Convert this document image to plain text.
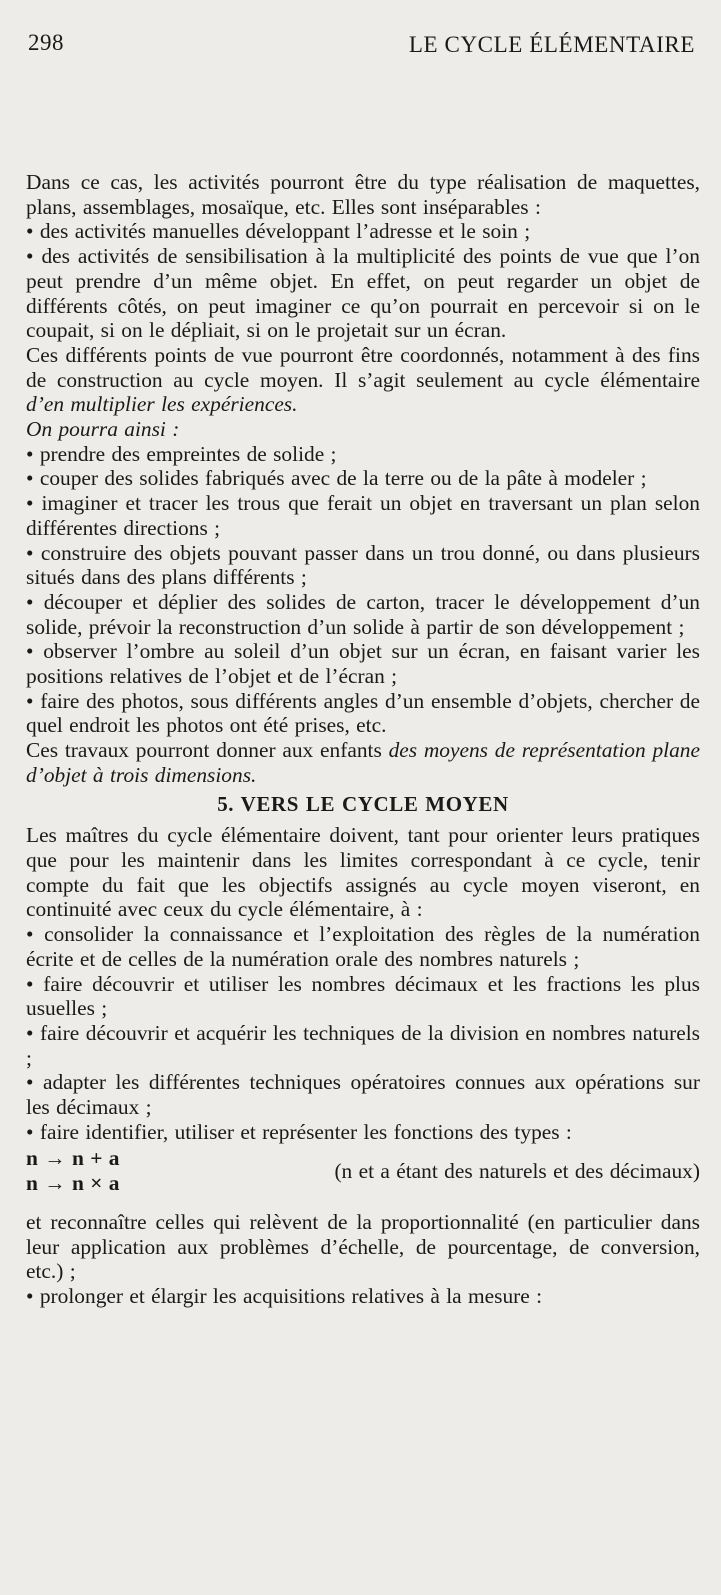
298	LE CYCLE ÉLÉMENTAIRE

Dans ce cas, les activités pourront être du type réalisation de maquettes, plans, assemblages, mosaïque, etc. Elles sont inséparables :

• des activités manuelles développant l’adresse et le soin ;

• des activités de sensibilisation à la multiplicité des points de vue que l’on peut prendre d’un même objet. En effet, on peut regarder un objet de différents côtés, on peut imaginer ce qu’on pourrait en percevoir si on le coupait, si on le dépliait, si on le projetait sur un écran.

Ces différents points de vue pourront être coordonnés, notamment à des fins de construction au cycle moyen. Il s’agit seulement au cycle élémentaire d’en multiplier les expériences.

On pourra ainsi :

• prendre des empreintes de solide ;

• couper des solides fabriqués avec de la terre ou de la pâte à modeler ;

• imaginer et tracer les trous que ferait un objet en traversant un plan selon différentes directions ;

• construire des objets pouvant passer dans un trou donné, ou dans plusieurs situés dans des plans différents ;

• découper et déplier des solides de carton, tracer le développement d’un solide, prévoir la reconstruction d’un solide à partir de son développement ;

• observer l’ombre au soleil d’un objet sur un écran, en faisant varier les positions relatives de l’objet et de l’écran ;

• faire des photos, sous différents angles d’un ensemble d’objets, chercher de quel endroit les photos ont été prises, etc.

Ces travaux pourront donner aux enfants des moyens de représentation plane d’objet à trois dimensions.

5. VERS LE CYCLE MOYEN

Les maîtres du cycle élémentaire doivent, tant pour orienter leurs pratiques que pour les maintenir dans les limites correspondant à ce cycle, tenir compte du fait que les objectifs assignés au cycle moyen viseront, en continuité avec ceux du cycle élémentaire, à :

• consolider la connaissance et l’exploitation des règles de la numération écrite et de celles de la numération orale des nombres naturels ;

• faire découvrir et utiliser les nombres décimaux et les fractions les plus usuelles ;

• faire découvrir et acquérir les techniques de la division en nombres naturels ;

• adapter les différentes techniques opératoires connues aux opérations sur les décimaux ;

• faire identifier, utiliser et représenter les fonctions des types :

n → n + a
n → n × a
(n et a étant des naturels et des décimaux)

et reconnaître celles qui relèvent de la proportionnalité (en particulier dans leur application aux problèmes d’échelle, de pourcentage, de conversion, etc.) ;

• prolonger et élargir les acquisitions relatives à la mesure :
